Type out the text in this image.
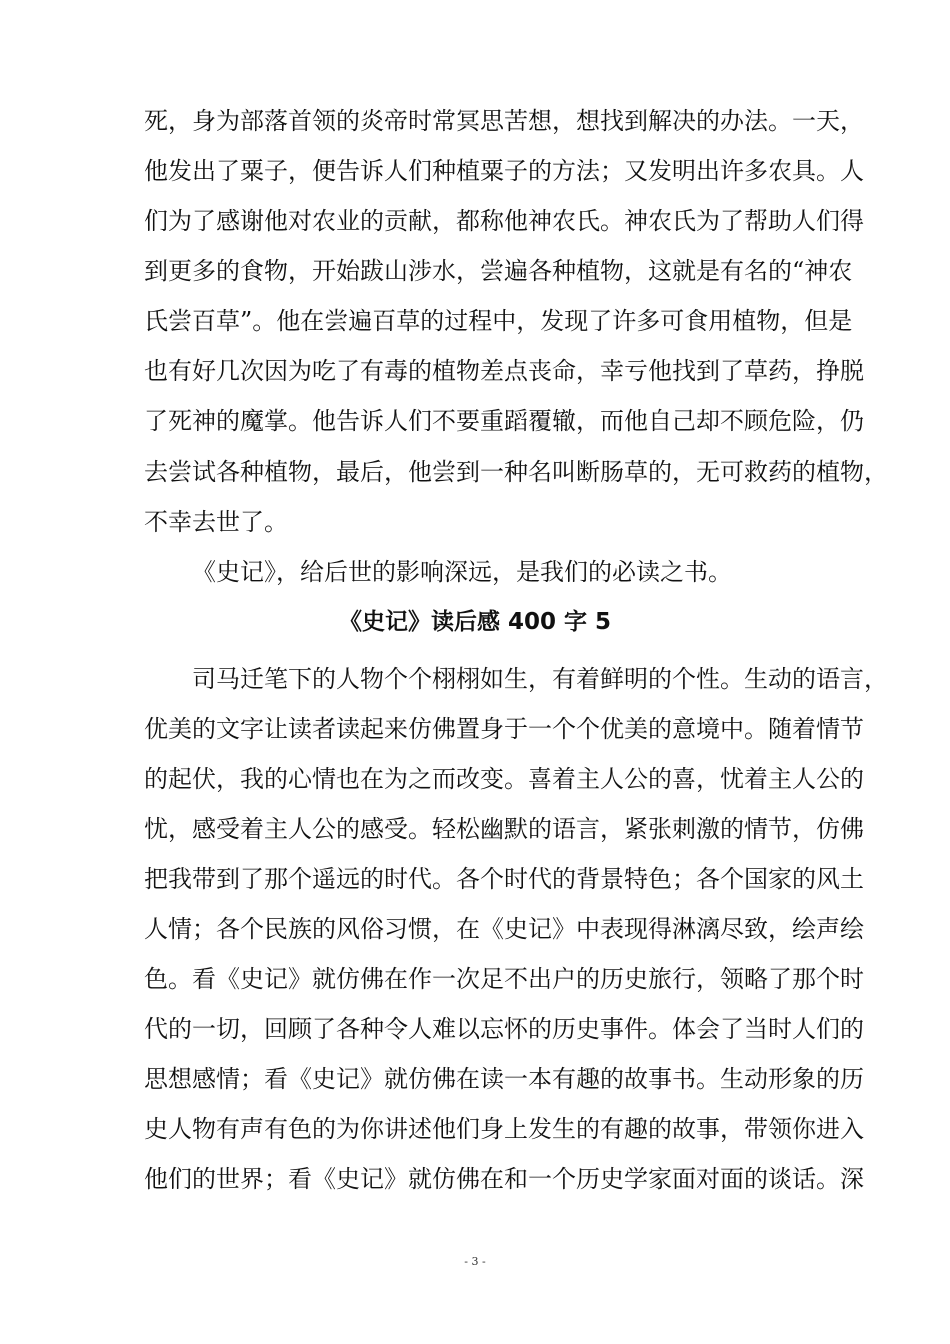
死，身为部落首领的炎帝时常冥思苦想，想找到解决的办法。一天，
他发出了粟子，便告诉人们种植粟子的方法；又发明出许多农具。人
们为了感谢他对农业的贡献，都称他神农氏。神农氏为了帮助人们得
到更多的食物，开始跋山涉水，尝遍各种植物，这就是有名的“神农
氏尝百草”。他在尝遍百草的过程中，发现了许多可食用植物，但是
也有好几次因为吃了有毒的植物差点丧命，幸亏他找到了草药，挣脱
了死神的魔掌。他告诉人们不要重蹈覆辙，而他自己却不顾危险，仍
去尝试各种植物，最后，他尝到一种名叫断肠草的，无可救药的植物，
不幸去世了。
《史记》，给后世的影响深远，是我们的必读之书。
《史记》读后感 400 字 5
司马迁笔下的人物个个栩栩如生，有着鲜明的个性。生动的语言，
优美的文字让读者读起来仿佛置身于一个个优美的意境中。随着情节
的起伏，我的心情也在为之而改变。喜着主人公的喜，忧着主人公的
忧，感受着主人公的感受。轻松幽默的语言，紧张刺激的情节，仿佛
把我带到了那个遥远的时代。各个时代的背景特色；各个国家的风土
人情；各个民族的风俗习惯，在《史记》中表现得淋漓尽致，绘声绘
色。看《史记》就仿佛在作一次足不出户的历史旅行，领略了那个时
代的一切，回顾了各种令人难以忘怀的历史事件。体会了当时人们的
思想感情；看《史记》就仿佛在读一本有趣的故事书。生动形象的历
史人物有声有色的为你讲述他们身上发生的有趣的故事，带领你进入
他们的世界；看《史记》就仿佛在和一个历史学家面对面的谈话。深
- 3 -
